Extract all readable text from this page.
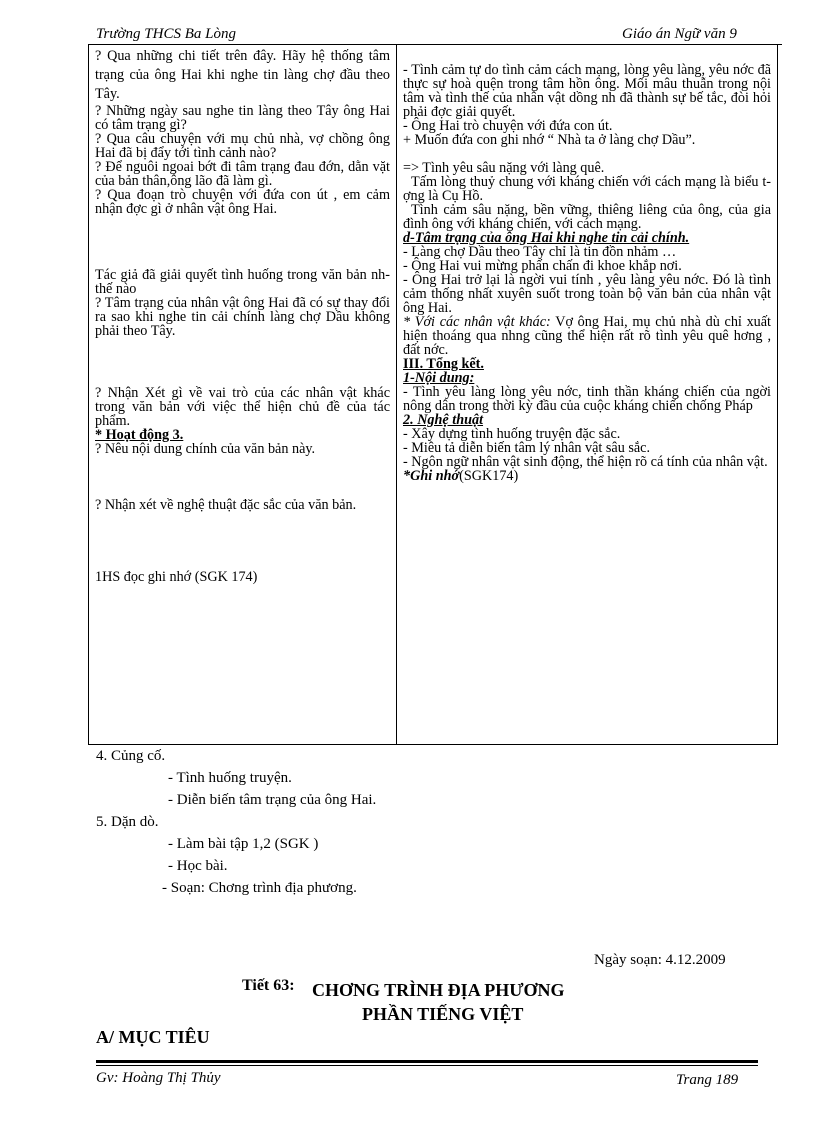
Trường THCS Ba Lòng	Giáo án Ngữ văn 9
? Qua những chi tiết trên đây. Hãy hệ thống tâm trạng của ông Hai khi nghe tin làng chợ đầu theo Tây.
? Những ngày sau nghe tin làng theo Tây ông Hai có tâm trạng gì?
? Qua câu chuyện với mụ chủ nhà, vợ chồng ông Hai đã bị đẩy tới tình cảnh nào?
? Để nguôi ngoai bớt đi tâm trạng đau đớn, dằn vặt của bản thân,ông lão đã làm gì.
? Qua đoạn trò chuyện với đứa con út , em cảm nhận đợc gì ở nhân vật ông Hai.
Tác giả đã giải quyết tình huống trong văn bản nh thế nào
? Tâm trạng của nhân vật ông Hai đã có sự thay đổi ra sao khi nghe tin cải chính làng chợ Dầu không phải theo Tây.
? Nhận Xét gì về vai trò của các nhân vật khác trong văn bản với việc thể hiện chủ đề của tác phẩm.
* Hoạt động 3.
? Nêu nội dung chính của văn bản này.
? Nhận xét về nghệ thuật đặc sắc của văn bản.
1HS đọc ghi nhớ (SGK 174)

- Tình cảm tự do tình cảm cách mạng, lòng yêu làng, yêu nớc đã thực sự hoà quện trong tâm hồn ông. Mối mâu thuẫn trong nội tâm và tình thế của nhân vật dồng nh đã thành sự bế tắc, đòi hỏi phải đợc giải quyết.
- Ông Hai trò chuyện với đứa con út.
+ Muốn đứa con ghi nhớ “ Nhà ta ở làng chợ Dầu”.
=> Tình yêu sâu nặng với làng quê.
Tấm lòng thuỷ chung với kháng chiến với cách mạng là biểu tợng là Cụ Hồ.
Tình cảm sâu nặng, bền vững, thiêng liêng của ông, của gia đình ông với kháng chiến, với cách mạng.
d-Tâm trạng của ông Hai khi nghe tin cải chính.
- Làng chợ Dầu theo Tây chỉ là tin đồn nhảm …
- Ông Hai vui mừng phấn chấn đi khoe khắp nơi.
- Ông Hai trở lại là ngời vui tính , yêu làng yêu nớc. Đó là tình cảm thống nhất xuyên suốt trong toàn bộ văn bản của nhân vật ông Hai.
* Với các nhân vật khác: Vợ ông Hai, mụ chủ nhà dù chỉ xuất hiện thoáng qua nhng cũng thể hiện rất rõ tình yêu quê hơng , đất nớc.
III. Tổng kết.
1-Nội dung:
- Tình yêu làng lòng yêu nớc, tinh thần kháng chiến của ngời nông dân trong thời kỳ đầu của cuộc kháng chiến chống Pháp
2. Nghệ thuật
- Xây dựng tình huống truyện đặc sắc.
- Miêu tả diễn biến tâm lý nhân vật sâu sắc.
- Ngôn ngữ nhân vật sinh động, thể hiện rõ cá tính của nhân vật.
*Ghi nhớ(SGK174)
4. Củng cố.
- Tình huống truyện.
- Diễn biến tâm trạng của ông Hai.
5. Dặn dò.
- Làm bài tập 1,2 (SGK )
- Học bài.
- Soạn: Chơng trình địa phương.
Ngày soạn: 4.12.2009
Tiết 63: CHƠNG TRÌNH ĐỊA PHƯƠNG
PHẦN TIẾNG VIỆT
A/ MỤC TIÊU
Gv: Hoàng Thị Thủy	Trang 189
